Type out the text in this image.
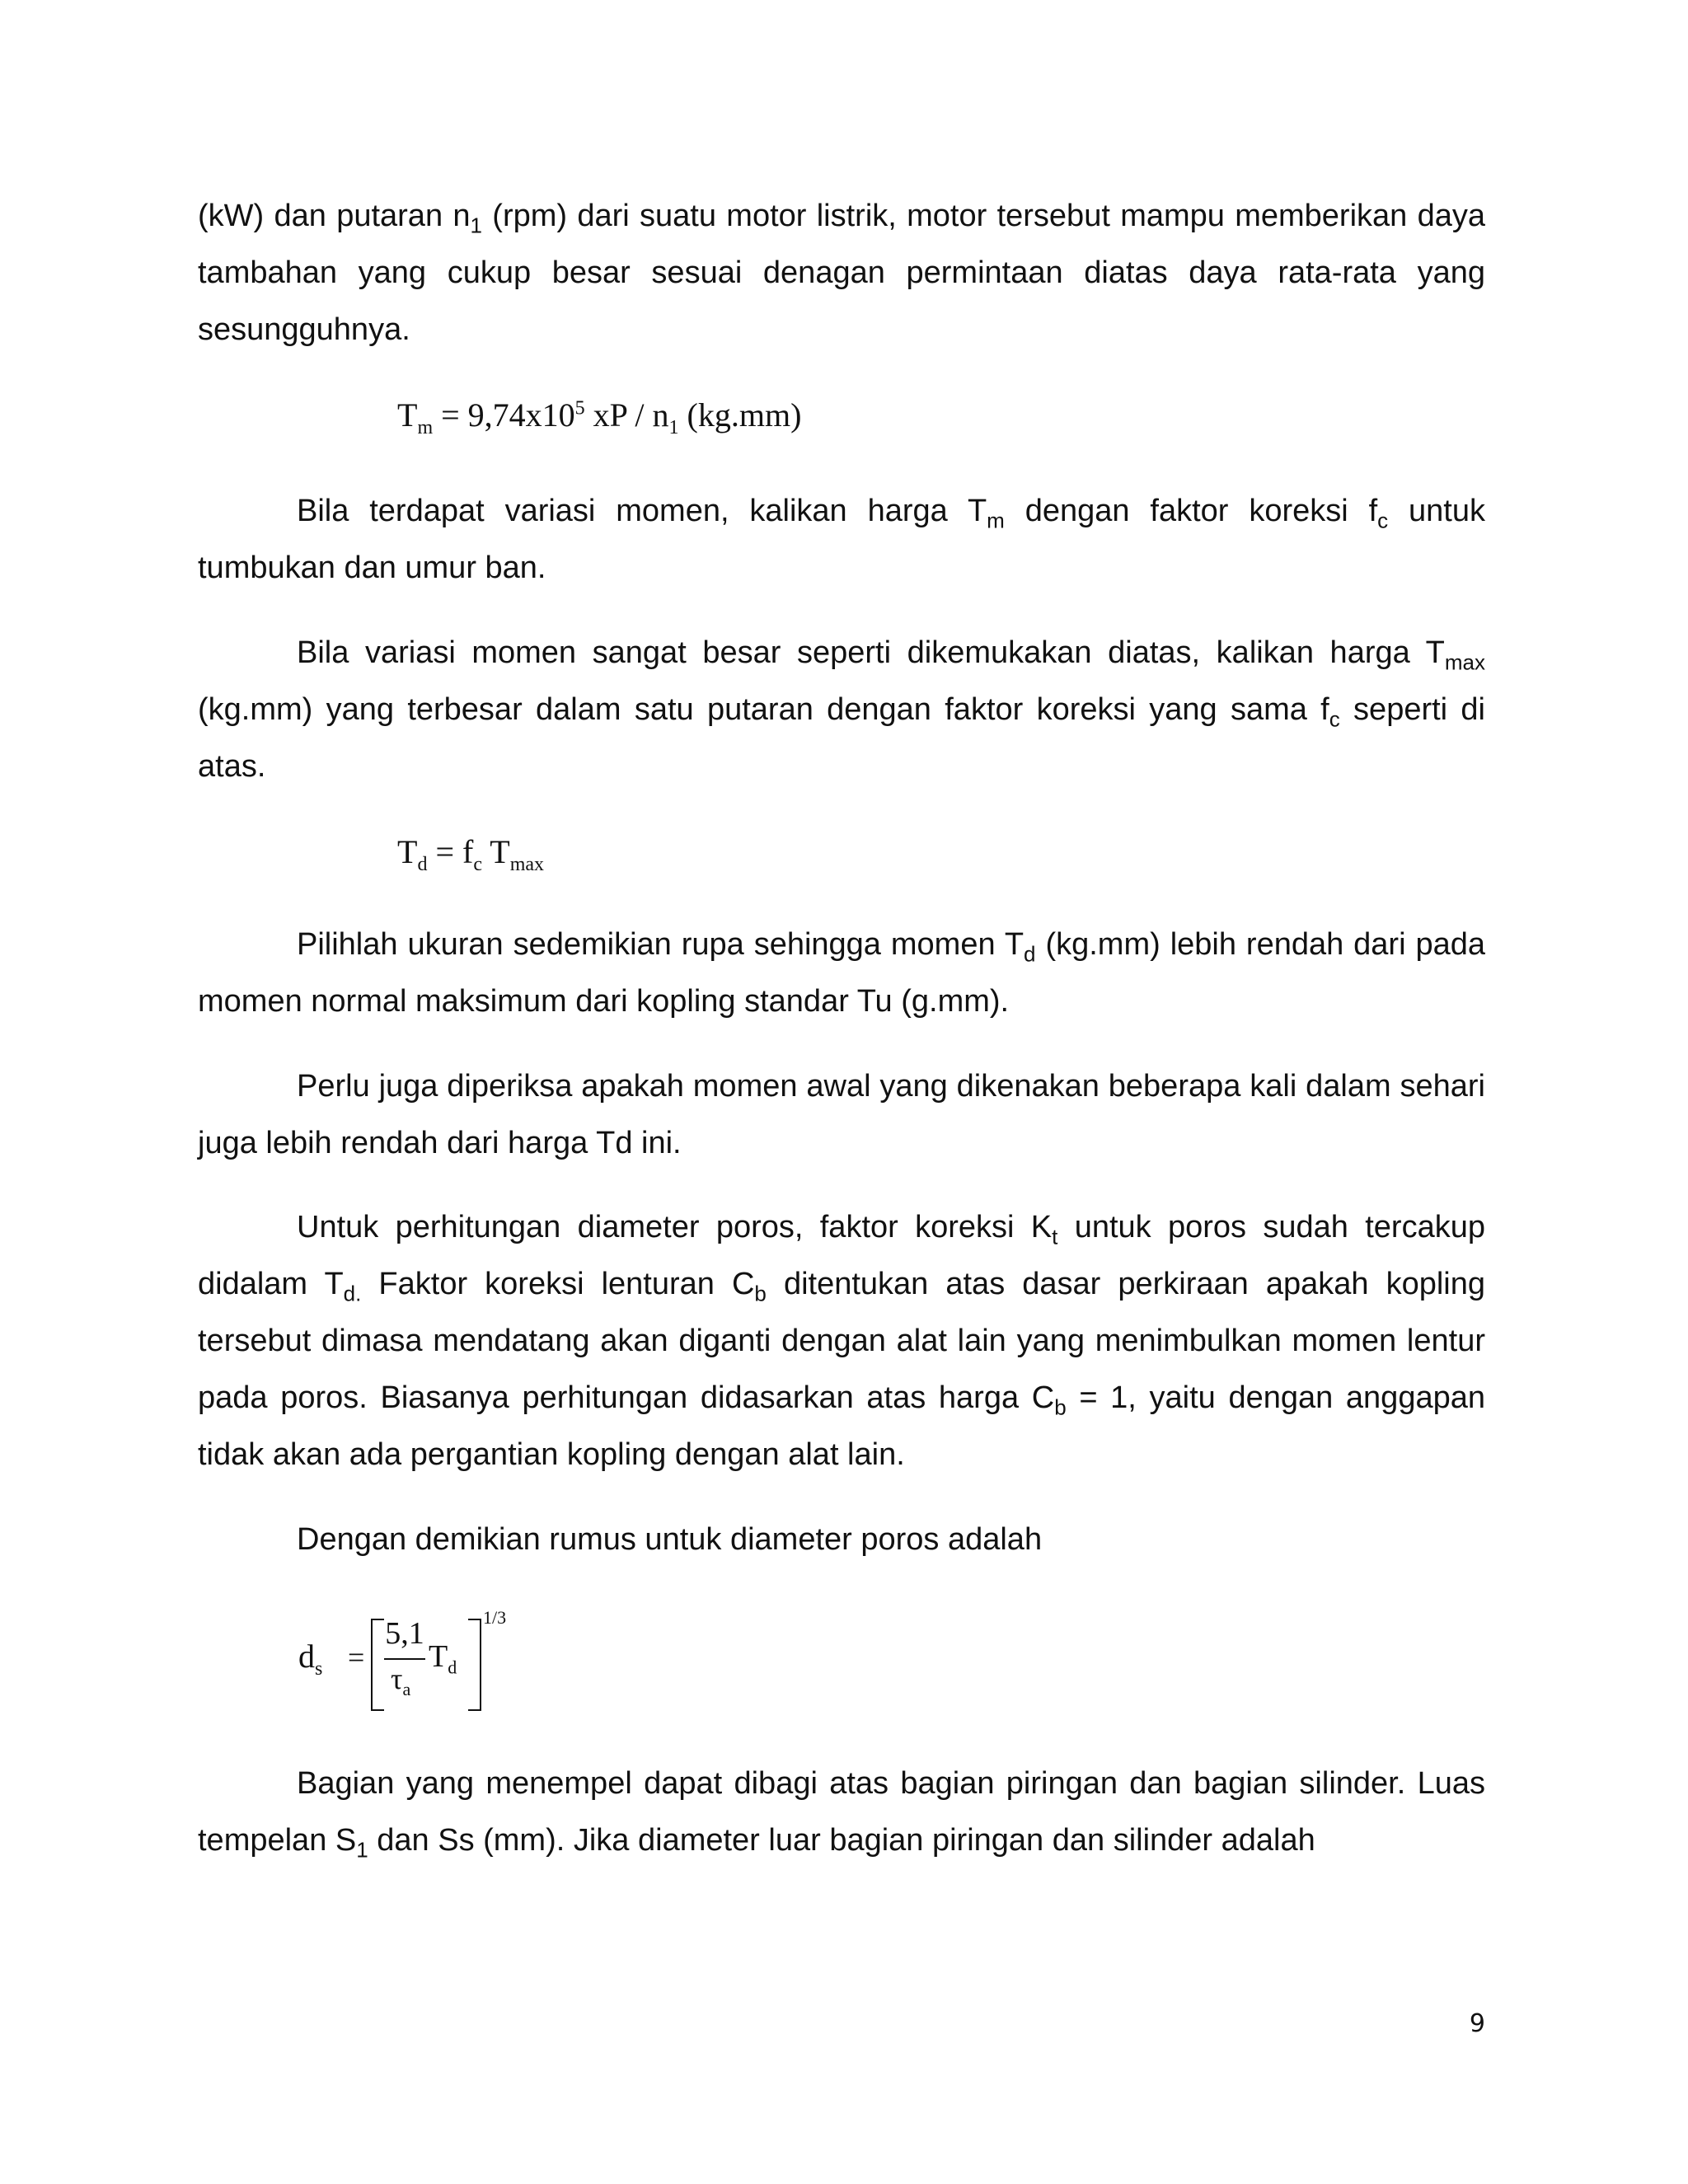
(kW) dan putaran $n_1$ (rpm) dari suatu motor listrik, motor tersebut mampu memberikan daya tambahan yang cukup besar sesuai denagan permintaan diatas daya rata-rata yang sesungguhnya.

$T_m = 9,74x10^5$ xP / $n_1$ (kg.mm)

Bila terdapat variasi momen, kalikan harga $T_m$ dengan faktor koreksi $f_c$ untuk tumbukan dan umur ban.

Bila variasi momen sangat besar seperti dikemukakan diatas, kalikan harga $T_{max}$ (kg.mm) yang terbesar dalam satu putaran dengan faktor koreksi yang sama $f_c$ seperti di atas.

$T_d = f_c$ $T_{max}$

Pilihlah ukuran sedemikian rupa sehingga momen $T_d$ (kg.mm) lebih rendah dari pada momen normal maksimum dari kopling standar Tu (g.mm).

Perlu juga diperiksa apakah momen awal yang dikenakan beberapa kali dalam sehari juga lebih rendah dari harga Td ini.

Untuk perhitungan diameter poros, faktor koreksi $K_t$ untuk poros sudah tercakup didalam $T_{d.}$ Faktor koreksi lenturan $C_b$ ditentukan atas dasar perkiraan apakah kopling tersebut dimasa mendatang akan diganti dengan alat lain yang menimbulkan momen lentur pada poros. Biasanya perhitungan didasarkan atas harga $C_b = 1$, yaitu dengan anggapan tidak akan ada pergantian kopling dengan alat lain.

Dengan demikian rumus untuk diameter poros adalah

$d_s$ =
5,1
$\tau_a$
$T_d$
1/3

Bagian yang menempel dapat dibagi atas bagian piringan dan bagian silinder. Luas tempelan $S_1$ dan Ss (mm). Jika diameter luar bagian piringan dan silinder adalah

9
